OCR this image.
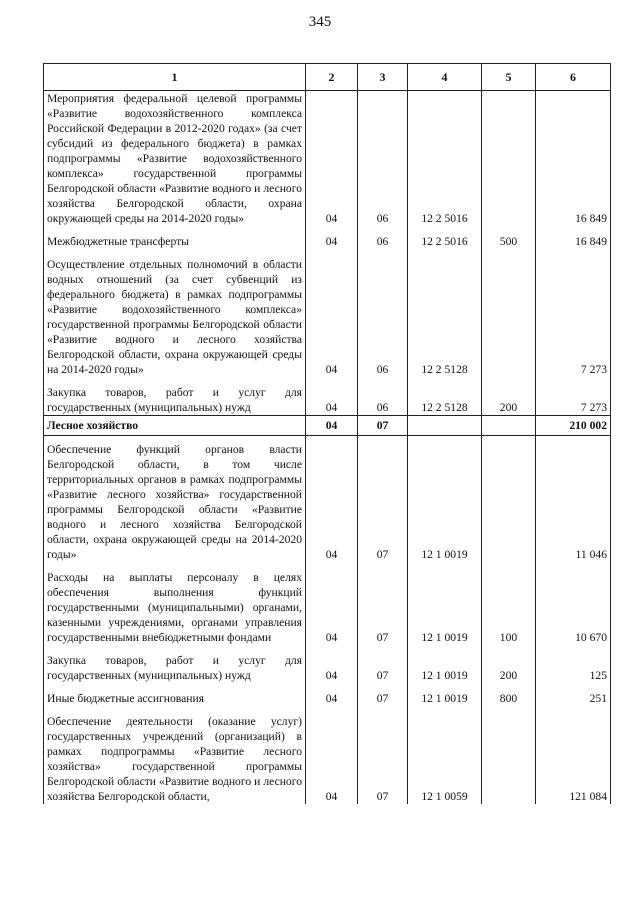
345
1	2	3	4	5	6
Мероприятия федеральной целевой программы «Развитие водохозяйственного комплекса Российской Федерации в 2012-2020 годах» (за счет субсидий из федерального бюджета) в рамках подпрограммы «Развитие водохозяйственного комплекса» государственной программы Белгородской области «Развитие водного и лесного хозяйства Белгородской области, охрана окружающей среды на 2014-2020 годы»	04	06	12 2 5016		16 849
Межбюджетные трансферты	04	06	12 2 5016	500	16 849
Осуществление отдельных полномочий в области водных отношений (за счет субвенций из федерального бюджета) в рамках подпрограммы «Развитие водохозяйственного комплекса» государственной программы Белгородской области «Развитие водного и лесного хозяйства Белгородской области, охрана окружающей среды на 2014-2020 годы»	04	06	12 2 5128		7 273
Закупка товаров, работ и услуг для государственных (муниципальных) нужд	04	06	12 2 5128	200	7 273
Лесное хозяйство	04	07			210 002
Обеспечение функций органов власти Белгородской области, в том числе территориальных органов в рамках подпрограммы «Развитие лесного хозяйства» государственной программы Белгородской области «Развитие водного и лесного хозяйства Белгородской области, охрана окружающей среды на 2014-2020 годы»	04	07	12 1 0019		11 046
Расходы на выплаты персоналу в целях обеспечения выполнения функций государственными (муниципальными) органами, казенными учреждениями, органами управления государственными внебюджетными фондами	04	07	12 1 0019	100	10 670
Закупка товаров, работ и услуг для государственных (муниципальных) нужд	04	07	12 1 0019	200	125
Иные бюджетные ассигнования	04	07	12 1 0019	800	251
Обеспечение деятельности (оказание услуг) государственных учреждений (организаций) в рамках подпрограммы «Развитие лесного хозяйства» государственной программы Белгородской области «Развитие водного и лесного хозяйства Белгородской области,	04	07	12 1 0059		121 084
